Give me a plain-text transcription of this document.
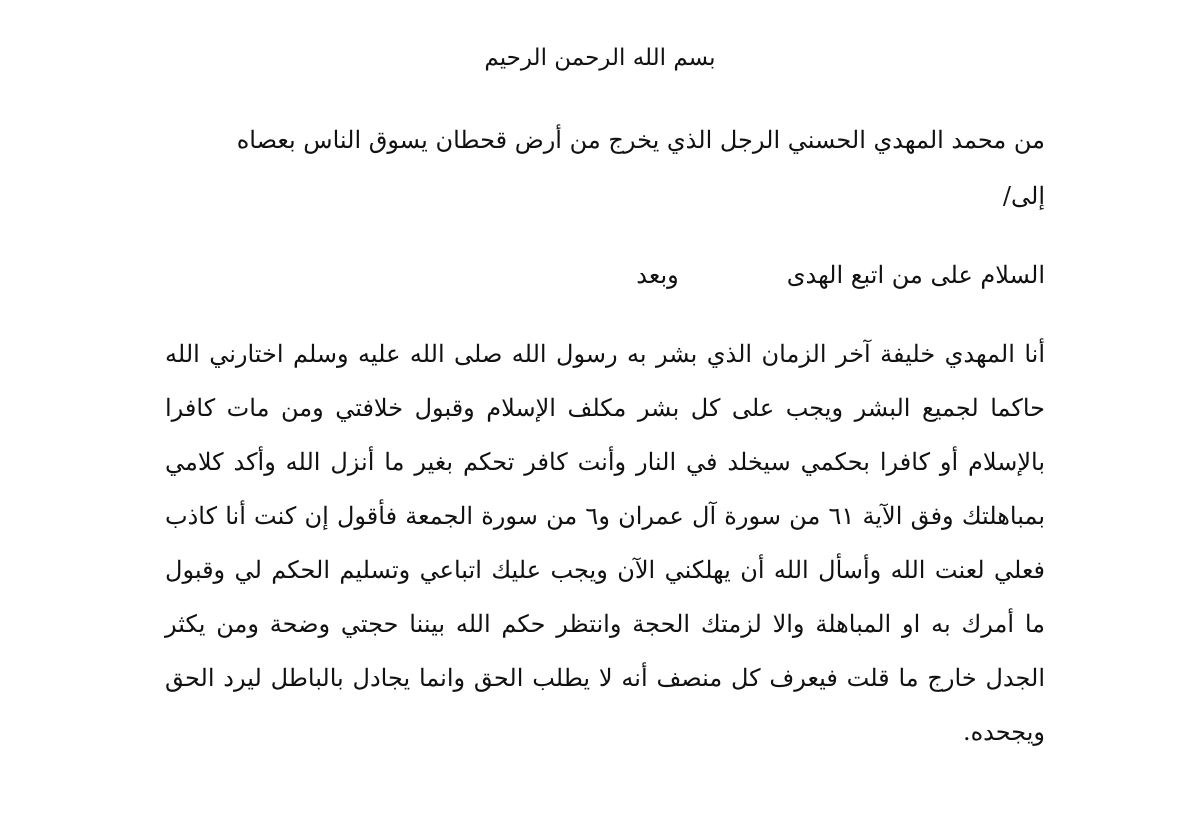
بسم الله الرحمن الرحيم
من محمد المهدي الحسني الرجل الذي يخرج من أرض قحطان يسوق الناس بعصاه
إلى/
السلام على من اتبع الهدىوبعد
أنا المهدي خليفة آخر الزمان الذي بشر به رسول الله صلى الله عليه وسلم اختارني الله حاكما لجميع البشر ويجب على كل بشر مكلف الإسلام وقبول خلافتي ومن مات كافرا بالإسلام أو كافرا بحكمي سيخلد في النار وأنت كافر تحكم بغير ما أنزل الله وأكد كلامي بمباهلتك وفق الآية ٦١ من سورة آل عمران و٦ من سورة الجمعة فأقول إن كنت أنا كاذب فعلي لعنت الله وأسأل الله أن يهلكني الآن ويجب عليك اتباعي وتسليم الحكم لي وقبول ما أمرك به او المباهلة والا لزمتك الحجة وانتظر حكم الله بيننا حجتي وضحة ومن يكثر الجدل خارج ما قلت فيعرف كل منصف أنه لا يطلب الحق وانما يجادل بالباطل ليرد الحق ويجحده.
